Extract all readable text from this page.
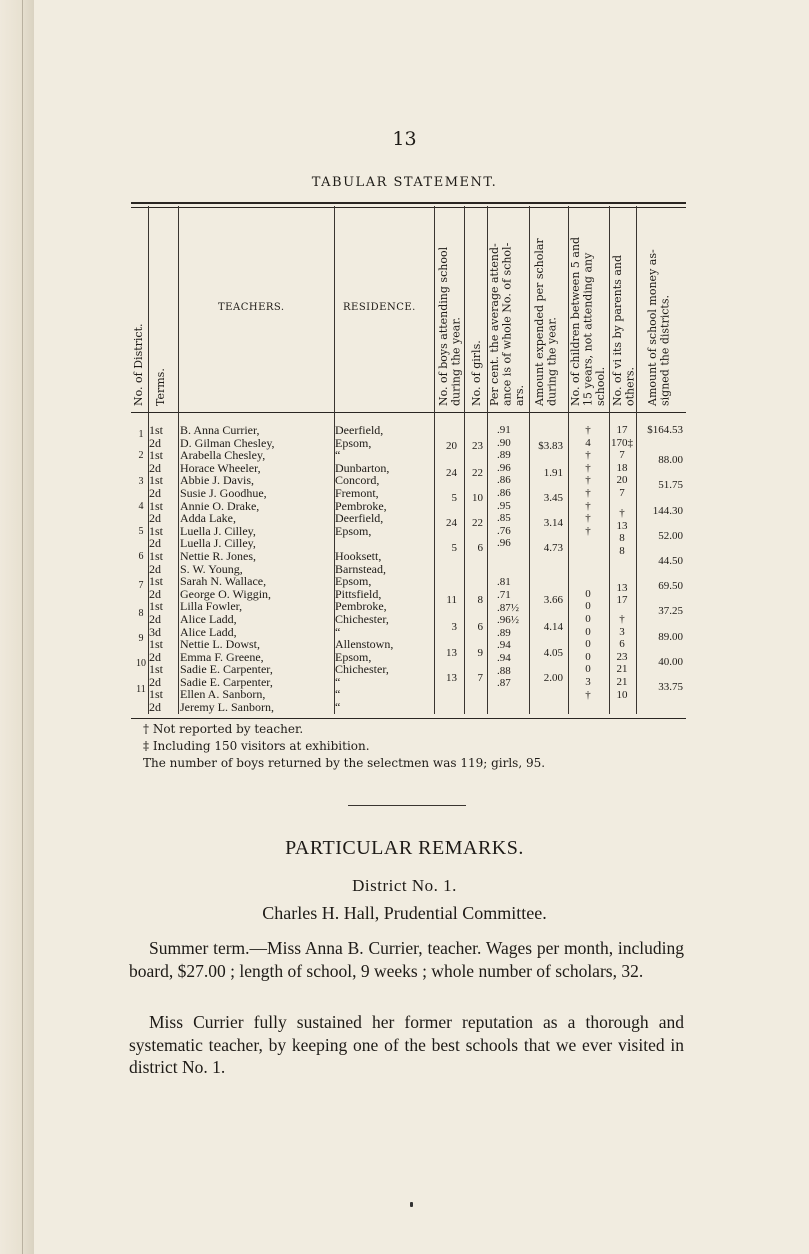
13
TABULAR STATEMENT.
No. of District. Terms.
TEACHERS.	RESIDENCE.
No. of boys attending school
during the year.
No. of girls. Per cent. the average attend-
ance is of whole No. of schol-
ars. Amount expended per scholar
during the year.
No. of children between 5 and
15 years, not attending any
school. No. of vi its by parents and
others. Amount of school money as-
signed the districts.
1st
2d
1st
2d
1st
2d
1st
2d
1st
2d
1st
2d
1st
2d
1st
2d
3d
1st
2d
1st
2d
1st
2d
B. Anna Currier,
D. Gilman Chesley,
Arabella Chesley,
Horace Wheeler,
Abbie J. Davis,
Susie J. Goodhue,
Annie O. Drake,
Adda Lake,
Luella J. Cilley,
Luella J. Cilley,
Nettie R. Jones,
S. W. Young,
Sarah N. Wallace,
George O. Wiggin,
Lilla Fowler,
Alice Ladd,
Alice Ladd,
Nettie L. Dowst,
Emma F. Greene,
Sadie E. Carpenter,
Sadie E. Carpenter,
Ellen A. Sanborn,
Jeremy L. Sanborn,
Deerfield,
Epsom,
“
Dunbarton,
Concord,
Fremont,
Pembroke,
Deerfield,
Epsom,
Hooksett,
Barnstead,
Epsom,
Pittsfield,
Pembroke,
Chichester,
“
Allenstown,
Epsom,
Chichester,
“
“
“
1
2
3
4
5
6
7
8
9
10
11
20
24
5
24
5
11
3
13
13
23
22
10
22
6
8
6
9
7
$3.83
1.91
3.45
3.14
4.73
3.66
4.14
4.05
2.00
.91
.90
.89
.96
.86
.86
.95
.85
.76
.96
.81
.71
.87½
.96½
.89
.94
.94
.88
.87
†
4
†
†
†
†
†
†
†
0
0
0
0
0
0
0
3
†
17
170‡
7
18
20
7
†
13
8
8
13
17
†
3
6
23
21
21
10
$164.53
88.00
51.75
144.30
52.00
44.50
69.50
37.25
89.00
40.00
33.75
† Not reported by teacher.
‡ Including 150 visitors at exhibition.
The number of boys returned by the selectmen was 119; girls, 95.
PARTICULAR REMARKS.
District No. 1.
Charles H. Hall, Prudential Committee.
Summer term.—Miss Anna B. Currier, teacher. Wages per month, including board, $27.00 ; length of school, 9 weeks ; whole number of scholars, 32.
Miss Currier fully sustained her former reputation as a thorough and systematic teacher, by keeping one of the best schools that we ever visited in district No. 1.
